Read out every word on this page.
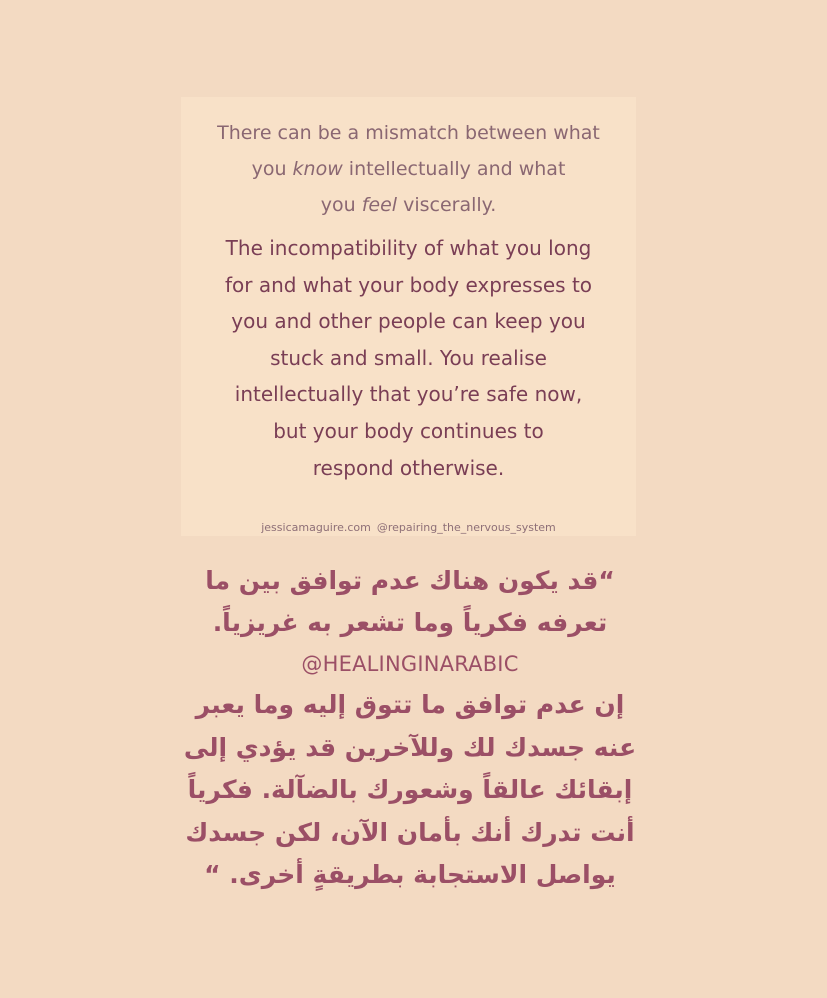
There can be a mismatch between what
you know intellectually and what
you feel viscerally.

The incompatibility of what you long
for and what your body expresses to
you and other people can keep you
stuck and small. You realise
intellectually that you’re safe now,
but your body continues to
respond otherwise.

jessicamaguire.com @repairing_the_nervous_system

“قد يكون هناك عدم توافق بين ما
تعرفه فكرياً وما تشعر به غريزياً.

@HEALINGINARABIC

إن عدم توافق ما تتوق إليه وما يعبر
عنه جسدك لك وللآخرين قد يؤدي إلى
إبقائك عالقاً وشعورك بالضآلة. فكرياً
أنت تدرك أنك بأمان الآن، لكن جسدك
يواصل الاستجابة بطريقةٍ أخرى. “
